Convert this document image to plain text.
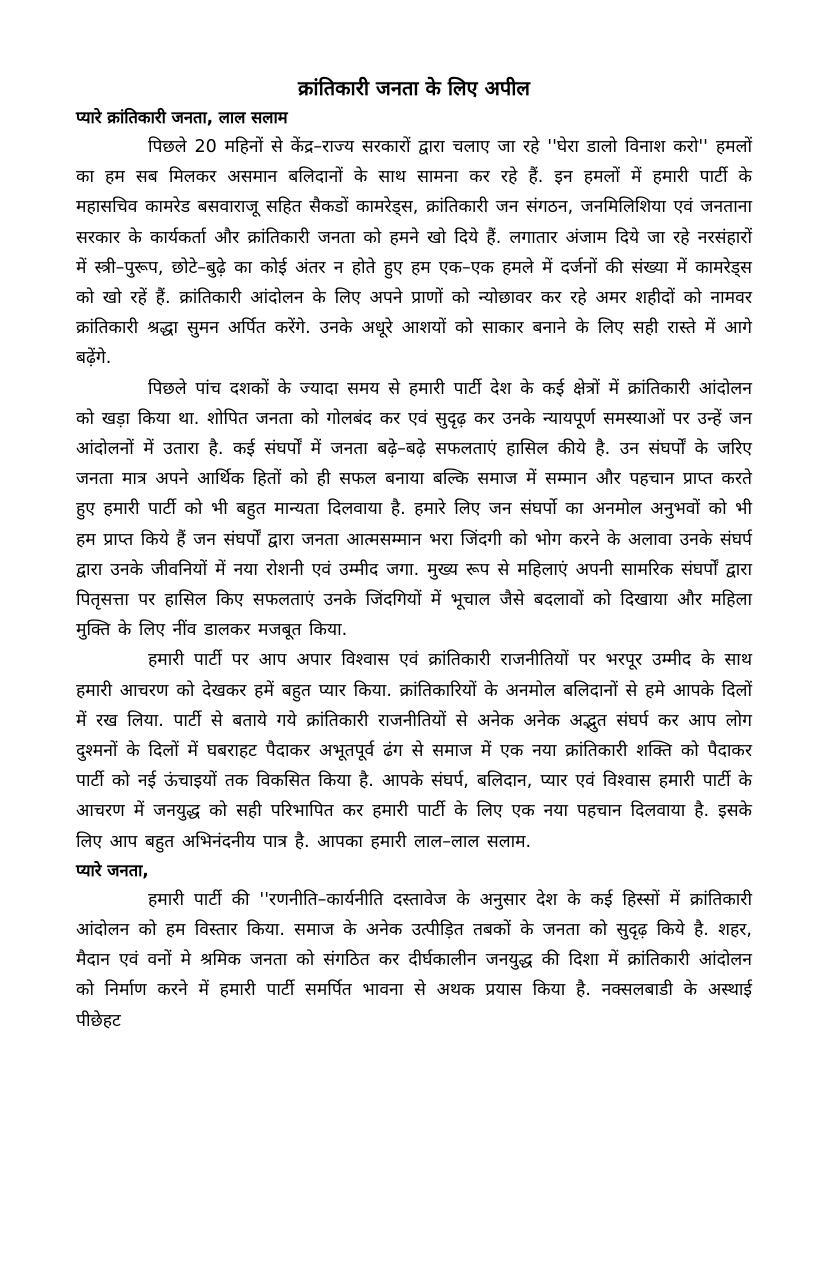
क्रांतिकारी जनता के लिए अपील

प्यारे क्रांतिकारी जनता, लाल सलाम

पिछले 20 महिनों से केंद्र–राज्य सरकारों द्वारा चलाए जा रहे ''घेरा डालो विनाश करो'' हमलों का हम सब मिलकर असमान बलिदानों के साथ सामना कर रहे हैं. इन हमलों में हमारी पार्टी के महासचिव कामरेड बसवाराजू सहित सैकडों कामरेड्स, क्रांतिकारी जन संगठन, जनमिलिशिया एवं जनताना सरकार के कार्यकर्ता और क्रांतिकारी जनता को हमने खो दिये हैं. लगातार अंजाम दिये जा रहे नरसंहारों में स्त्री–पुरूप, छोटे–बुढ़े का कोई अंतर न होते हुए हम एक–एक हमले में दर्जनों की संख्या में कामरेड्स को खो रहें हैं. क्रांतिकारी आंदोलन के लिए अपने प्राणों को न्योछावर कर रहे अमर शहीदों को नामवर क्रांतिकारी श्रद्धा सुमन अर्पित करेंगे. उनके अधूरे आशयों को साकार बनाने के लिए सही रास्ते में आगे बढ़ेंगे.

पिछले पांच दशकों के ज्यादा समय से हमारी पार्टी देश के कई क्षेत्रों में क्रांतिकारी आंदोलन को खड़ा किया था. शोपित जनता को गोलबंद कर एवं सुदृढ़ कर उनके न्यायपूर्ण समस्याओं पर उन्हें जन आंदोलनों में उतारा है. कई संघर्पों में जनता बढ़े–बढ़े सफलताएं हासिल कीये है. उन संघर्पों के जरिए जनता मात्र अपने आर्थिक हितों को ही सफल बनाया बल्कि समाज में सम्मान और पहचान प्राप्त करते हुए हमारी पार्टी को भी बहुत मान्यता दिलवाया है. हमारे लिए जन संघर्पो का अनमोल अनुभवों को भी हम प्राप्त किये हैं जन संघर्पों द्वारा जनता आत्मसम्मान भरा जिंदगी को भोग करने के अलावा उनके संघर्प द्वारा उनके जीवनियों में नया रोशनी एवं उम्मीद जगा. मुख्य रूप से महिलाएं अपनी सामरिक संघर्पों द्वारा पितृसत्ता पर हासिल किए सफलताएं उनके जिंदगियों में भूचाल जैसे बदलावों को दिखाया और महिला मुक्ति के लिए नींव डालकर मजबूत किया.

हमारी पार्टी पर आप अपार विश्वास एवं क्रांतिकारी राजनीतियों पर भरपूर उम्मीद के साथ हमारी आचरण को देखकर हमें बहुत प्यार किया. क्रांतिकारियों के अनमोल बलिदानों से हमे आपके दिलों में रख लिया. पार्टी से बताये गये क्रांतिकारी राजनीतियों से अनेक अनेक अद्भुत संघर्प कर आप लोग दुश्मनों के दिलों में घबराहट पैदाकर अभूतपूर्व ढंग से समाज में एक नया क्रांतिकारी शक्ति को पैदाकर पार्टी को नई ऊंचाइयों तक विकसित किया है. आपके संघर्प, बलिदान, प्यार एवं विश्वास हमारी पार्टी के आचरण में जनयुद्ध को सही परिभापित कर हमारी पार्टी के लिए एक नया पहचान दिलवाया है. इसके लिए आप बहुत अभिनंदनीय पात्र है. आपका हमारी लाल–लाल सलाम.

प्यारे जनता,

हमारी पार्टी की ''रणनीति–कार्यनीति दस्तावेज के अनुसार देश के कई हिस्सों में क्रांतिकारी आंदोलन को हम विस्तार किया. समाज के अनेक उत्पीड़ित तबकों के जनता को सुदृढ़ किये है. शहर, मैदान एवं वनों मे श्रमिक जनता को संगठित कर दीर्घकालीन जनयुद्ध की दिशा में क्रांतिकारी आंदोलन को निर्माण करने में हमारी पार्टी समर्पित भावना से अथक प्रयास किया है. नक्सलबाडी के अस्थाई पीछेहट
